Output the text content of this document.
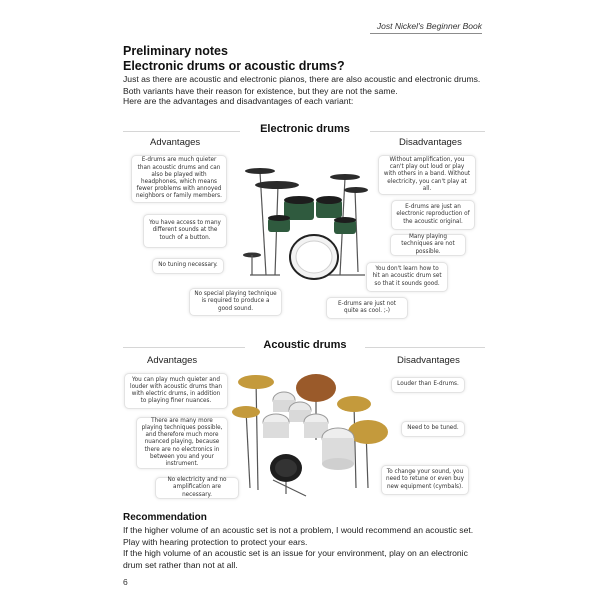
Jost Nickel's Beginner Book
Preliminary notes
Electronic drums or acoustic drums?
Just as there are acoustic and electronic pianos, there are also acoustic and electronic drums. Both variants have their reason for existence, but they are not the same.
Here are the advantages and disadvantages of each variant:
Electronic drums
Advantages	Disadvantages
E-drums are much quieter than acoustic drums and can also be played with headphones, which means fewer problems with annoyed neighbors or family members.
You have access to many different sounds at the touch of a button.
No tuning necessary.
No special playing technique is required to produce a good sound.
Without amplification, you can't play out loud or play with others in a band. Without electricity, you can't play at all.
E-drums are just an electronic reproduction of the acoustic original.
Many playing techniques are not possible.
You don't learn how to hit an acoustic drum set so that it sounds good.
E-drums are just not quite as cool. ;-)
Acoustic drums
Advantages	Disadvantages
You can play much quieter and louder with acoustic drums than with electric drums, in addition to playing finer nuances.
There are many more playing techniques possible, and therefore much more nuanced playing, because there are no electronics in between you and your instrument.
No electricity and no amplification are necessary.
Louder than E-drums.
Need to be tuned.
To change your sound, you need to retune or even buy new equipment (cymbals).
Recommendation
If the higher volume of an acoustic set is not a problem, I would recommend an acoustic set. Play with hearing protection to protect your ears.
If the high volume of an acoustic set is an issue for your environment, play on an electronic drum set rather than not at all.
6
